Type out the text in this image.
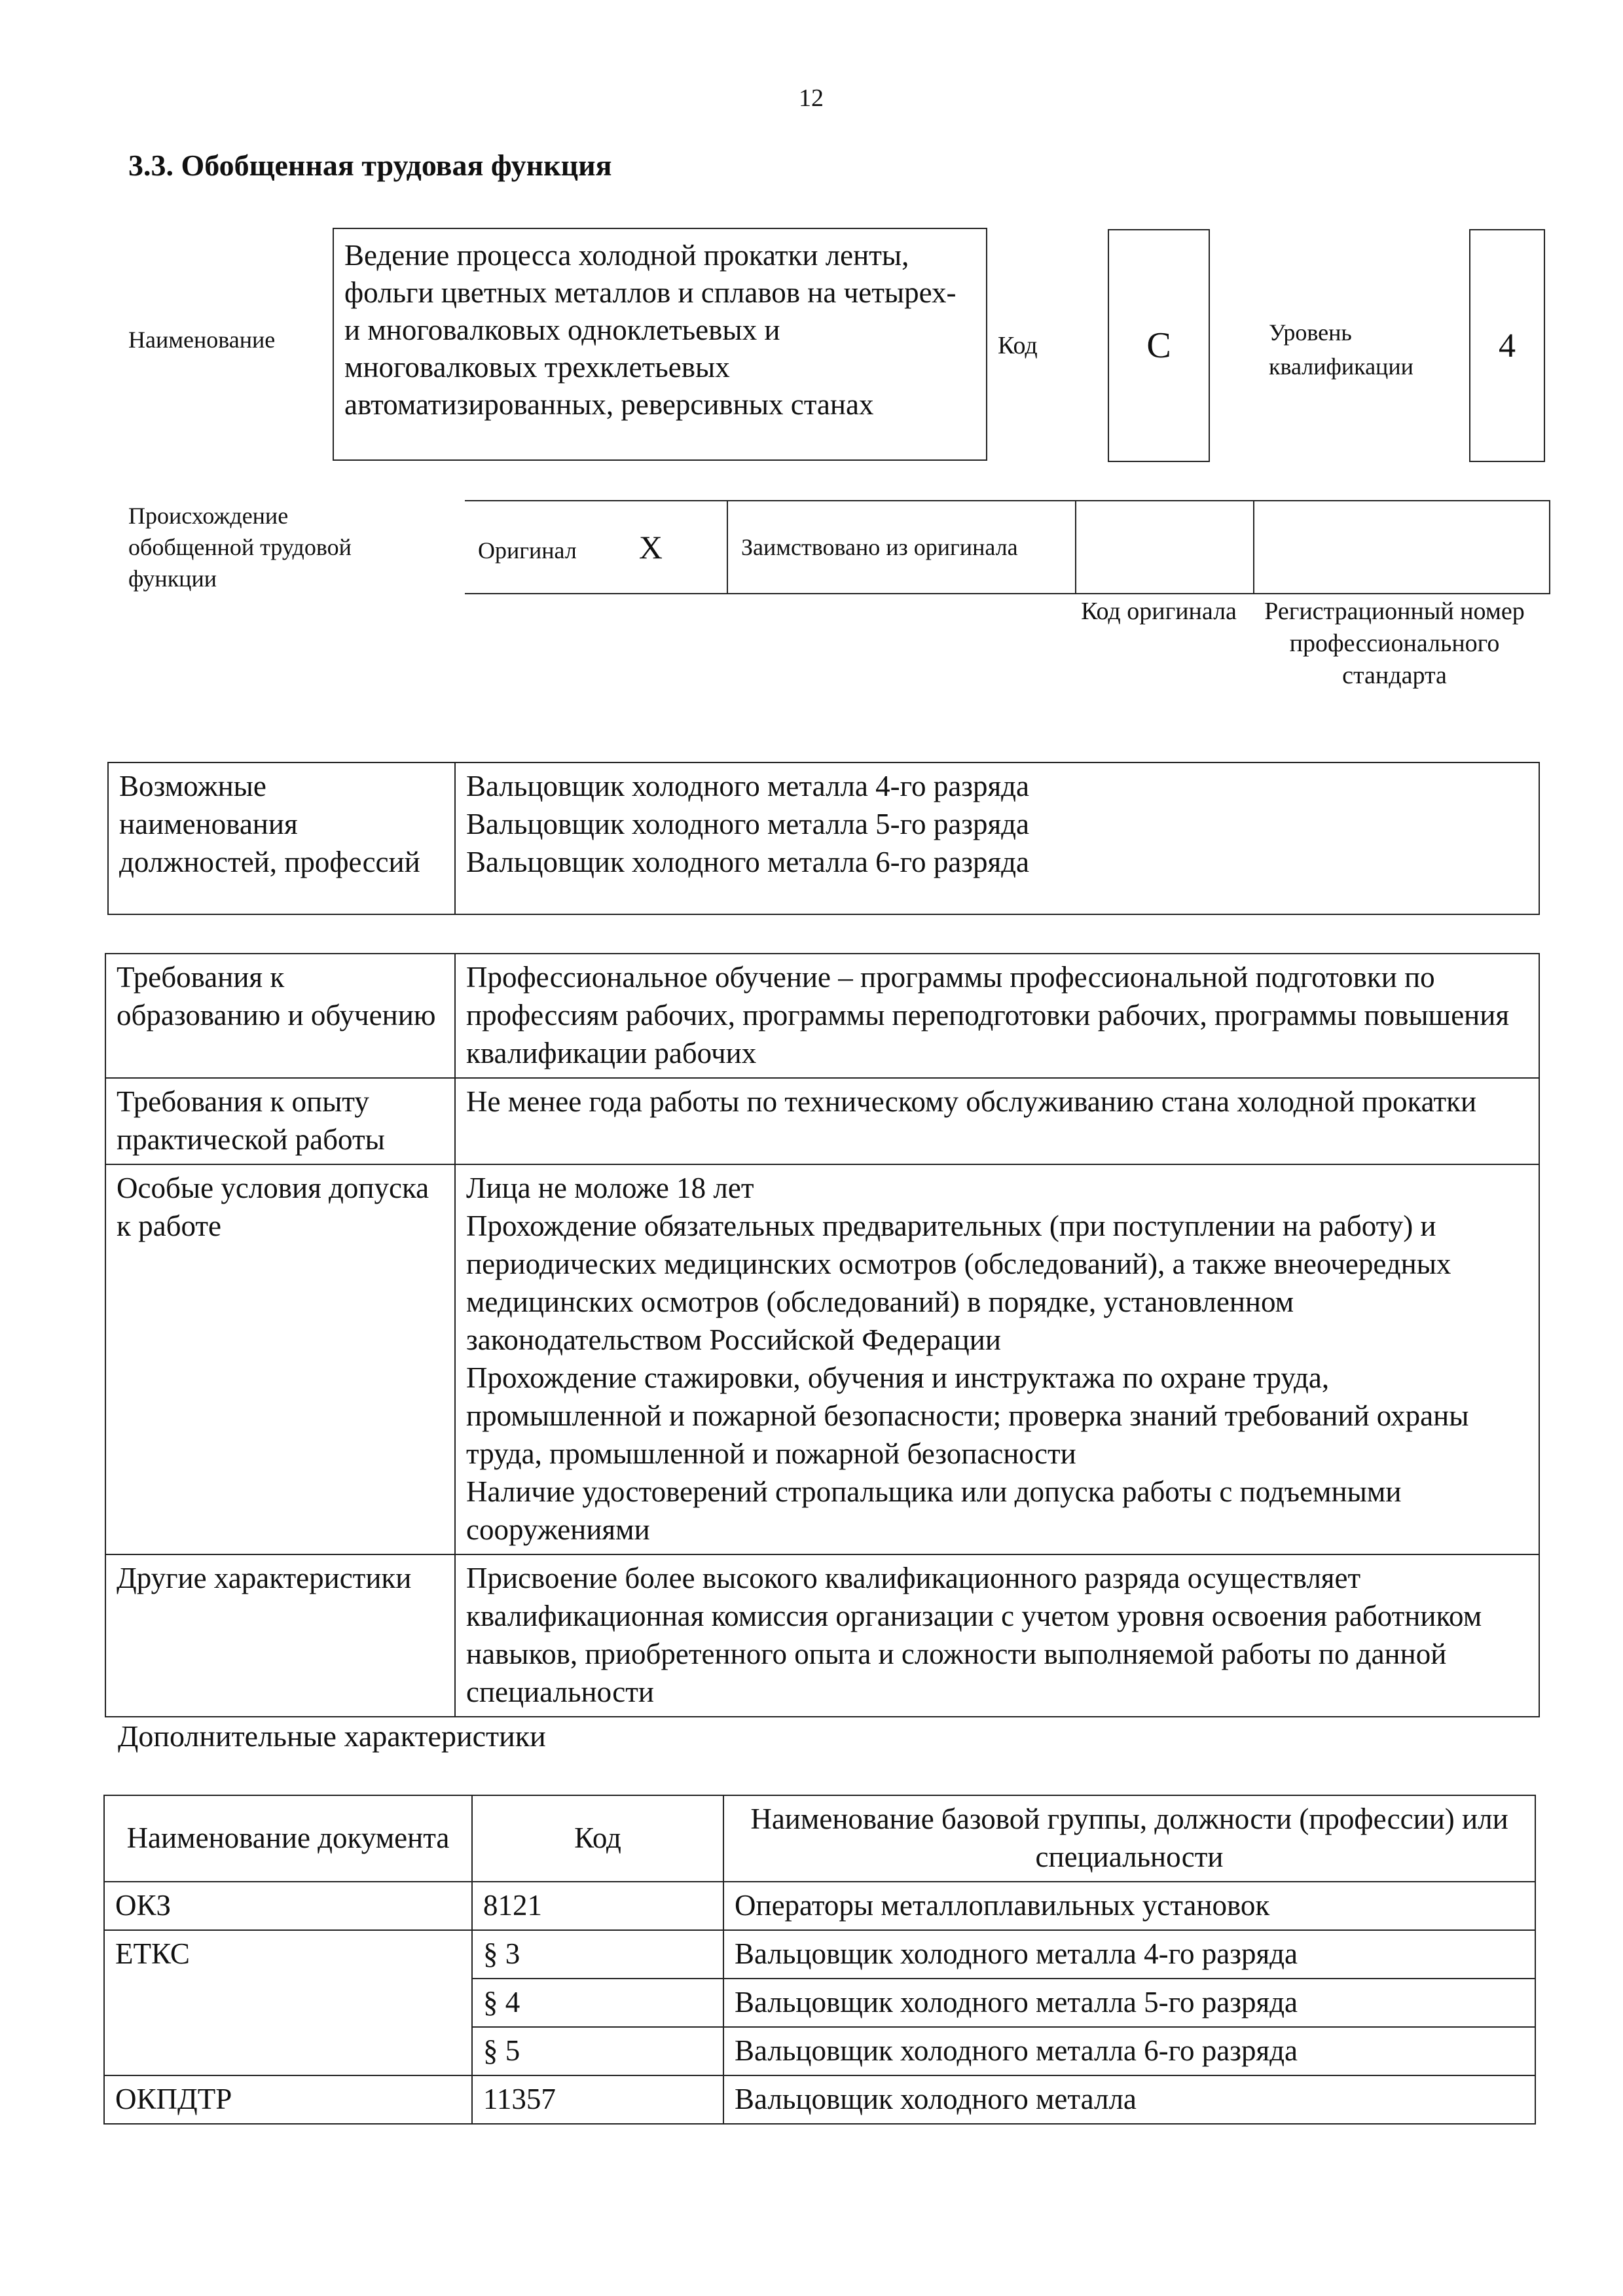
12
3.3. Обобщенная трудовая функция
Наименование
Ведение процесса холодной прокатки ленты, фольги цветных металлов и сплавов на четырех- и многовалковых одноклетьевых и многовалковых трехклетьевых автоматизированных, реверсивных станах
Код	C	Уровень квалификации
4
Происхождение обобщенной трудовой функции
Оригинал X	Заимствовано из оригинала		
Код оригинала	Регистрационный номер профессионального стандарта
Возможные наименования должностей, профессий	
Вальцовщик холодного металла 4-го разряда
Вальцовщик холодного металла 5-го разряда
Вальцовщик холодного металла 6-го разряда
Требования к образованию и обучению	Профессиональное обучение – программы профессиональной подготовки по профессиям рабочих, программы переподготовки рабочих, программы повышения квалификации рабочих
Требования к опыту практической работы	Не менее года работы по техническому обслуживанию стана холодной прокатки
Особые условия допуска к работе	Лица не моложе 18 лет
Прохождение обязательных предварительных (при поступлении на работу) и периодических медицинских осмотров (обследований), а также внеочередных медицинских осмотров (обследований) в порядке, установленном законодательством Российской Федерации
Прохождение стажировки, обучения и инструктажа по охране труда, промышленной и пожарной безопасности; проверка знаний требований охраны труда, промышленной и пожарной безопасности
Наличие удостоверений стропальщика или допуска работы с подъемными сооружениями

Другие характеристики	Присвоение более высокого квалификационного разряда осуществляет квалификационная комиссия организации с учетом уровня освоения работником навыков, приобретенного опыта и сложности выполняемой работы по данной специальности
Дополнительные характеристики
Наименование документа	Код	Наименование базовой группы, должности (профессии) или специальности
ОКЗ	8121	Операторы металлоплавильных установок
ЕТКС	§ 3	Вальцовщик холодного металла 4-го разряда
	§ 4	Вальцовщик холодного металла 5-го разряда
	§ 5	Вальцовщик холодного металла 6-го разряда
ОКПДТР	11357	Вальцовщик холодного металла
